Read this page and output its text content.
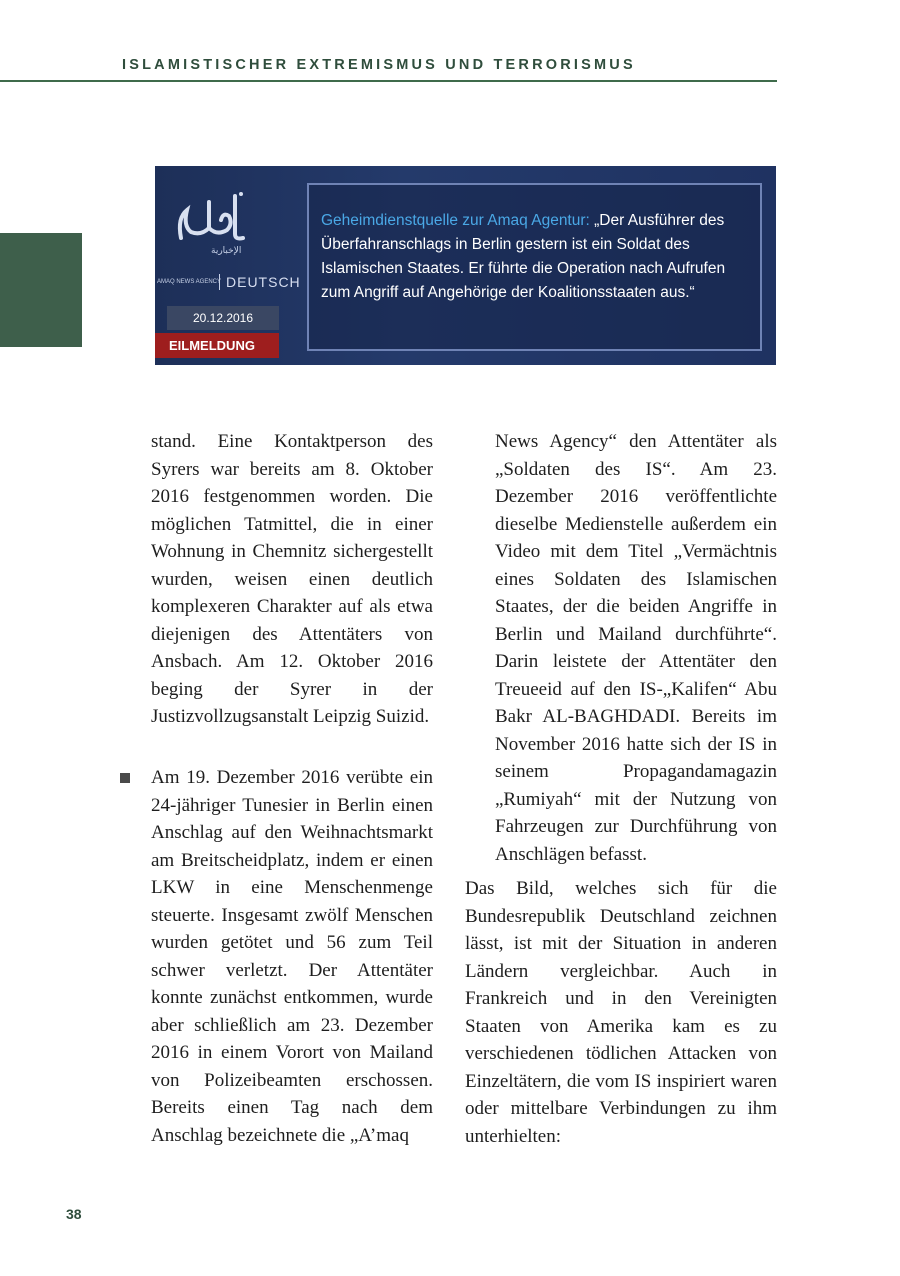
ISLAMISTISCHER EXTREMISMUS UND TERRORISMUS
الإخبارية
AMAQ NEWS AGENCY DEUTSCH
20.12.2016
EILMELDUNG
Geheimdienstquelle zur Amaq Agentur: „Der Ausführer des Überfahranschlags in Berlin gestern ist ein Soldat des Islamischen Staates. Er führte die Operation nach Aufrufen zum Angriff auf Angehörige der Koalitionsstaaten aus.“

stand. Eine Kontaktperson des Syrers war bereits am 8. Oktober 2016 festgenommen worden. Die möglichen Tatmittel, die in einer Wohnung in Chemnitz sichergestellt wurden, weisen einen deutlich komplexeren Charakter auf als etwa diejenigen des Attentäters von Ansbach. Am 12. Oktober 2016 beging der Syrer in der Justizvollzugsanstalt Leipzig Suizid.

Am 19. Dezember 2016 verübte ein 24-jähriger Tunesier in Berlin einen Anschlag auf den Weihnachtsmarkt am Breitscheidplatz, indem er einen LKW in eine Menschenmenge steuerte. Insgesamt zwölf Menschen wurden getötet und 56 zum Teil schwer verletzt. Der Attentäter konnte zunächst entkommen, wurde aber schließlich am 23. Dezember 2016 in einem Vorort von Mailand von Polizeibeamten erschossen. Bereits einen Tag nach dem Anschlag bezeichnete die „A’maq

News Agency“ den Attentäter als „Soldaten des IS“. Am 23. Dezember 2016 veröffentlichte dieselbe Medienstelle außerdem ein Video mit dem Titel „Vermächtnis eines Soldaten des Islamischen Staates, der die beiden Angriffe in Berlin und Mailand durchführte“. Darin leistete der Attentäter den Treueeid auf den IS-„Kalifen“ Abu Bakr AL-BAGHDADI. Bereits im November 2016 hatte sich der IS in seinem Propagandamagazin „Rumiyah“ mit der Nutzung von Fahrzeugen zur Durchführung von Anschlägen befasst.

Das Bild, welches sich für die Bundesrepublik Deutschland zeichnen lässt, ist mit der Situation in anderen Ländern vergleichbar. Auch in Frankreich und in den Vereinigten Staaten von Amerika kam es zu verschiedenen tödlichen Attacken von Einzeltätern, die vom IS inspiriert waren oder mittelbare Verbindungen zu ihm unterhielten:

38
